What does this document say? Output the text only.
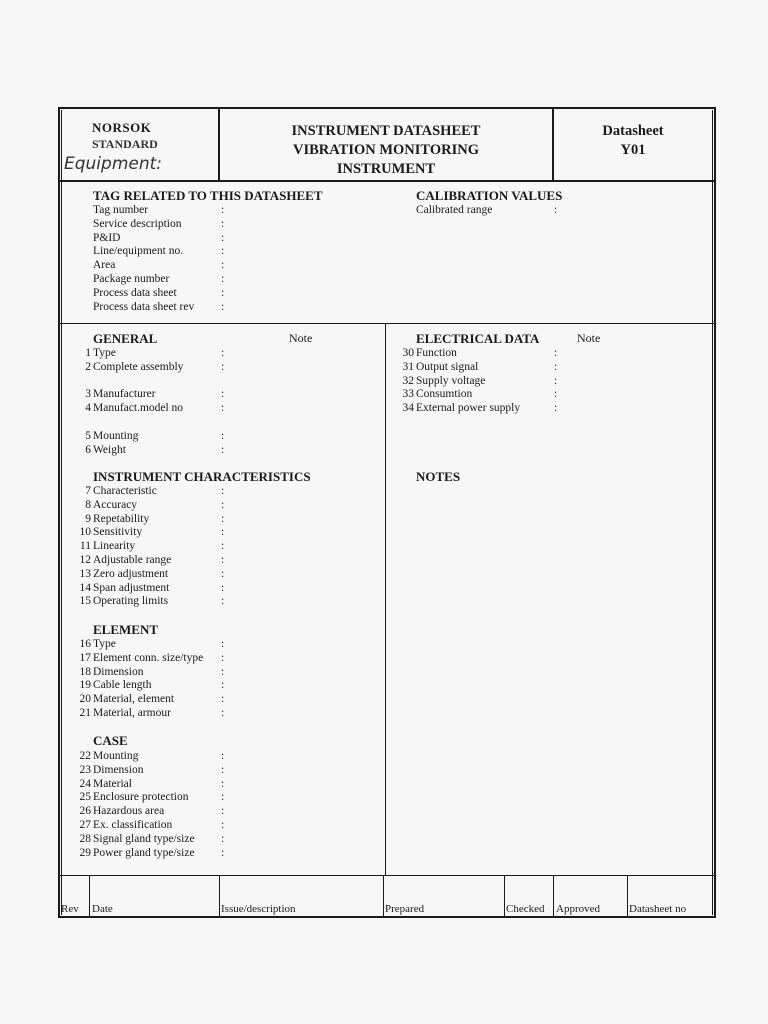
NORSOK
STANDARD
Equipment:
INSTRUMENT DATASHEET
VIBRATION MONITORING
INSTRUMENT
Datasheet
Y01
TAG RELATED TO THIS DATASHEET
Tag number	:
Service description	:
P&ID	:
Line/equipment no.	:
Area	:
Package number	:
Process data sheet	:
Process data sheet rev :
CALIBRATION VALUES
Calibrated range	:
GENERAL	Note
INSTRUMENT CHARACTERISTICS
ELEMENT
CASE
ELECTRICAL DATA	Note
NOTES
1 Type	:
2 Complete assembly	:
3 Manufacturer	:
4 Manufact.model no	:
5 Mounting	:
6 Weight	:
7 Characteristic	:
8 Accuracy	:
9 Repetability	:
10 Sensitivity	:
11 Linearity	:
12 Adjustable range	:
13 Zero adjustment	:
14 Span adjustment	:
15 Operating limits	:
16 Type	:
17 Element conn. size/type :
18 Dimension	:
19 Cable length	:
20 Material, element	:
21 Material, armour	:
22 Mounting	:
23 Dimension	:
24 Material	:
25 Enclosure protection	:
26 Hazardous area	:
27 Ex. classification	:
28 Signal gland type/size :
29 Power gland type/size :
30 Function	:
31 Output signal	:
32 Supply voltage	:
33 Consumtion	:
34 External power supply	:
Rev Date	Issue/description	Prepared	Checked Approved	Datasheet no
